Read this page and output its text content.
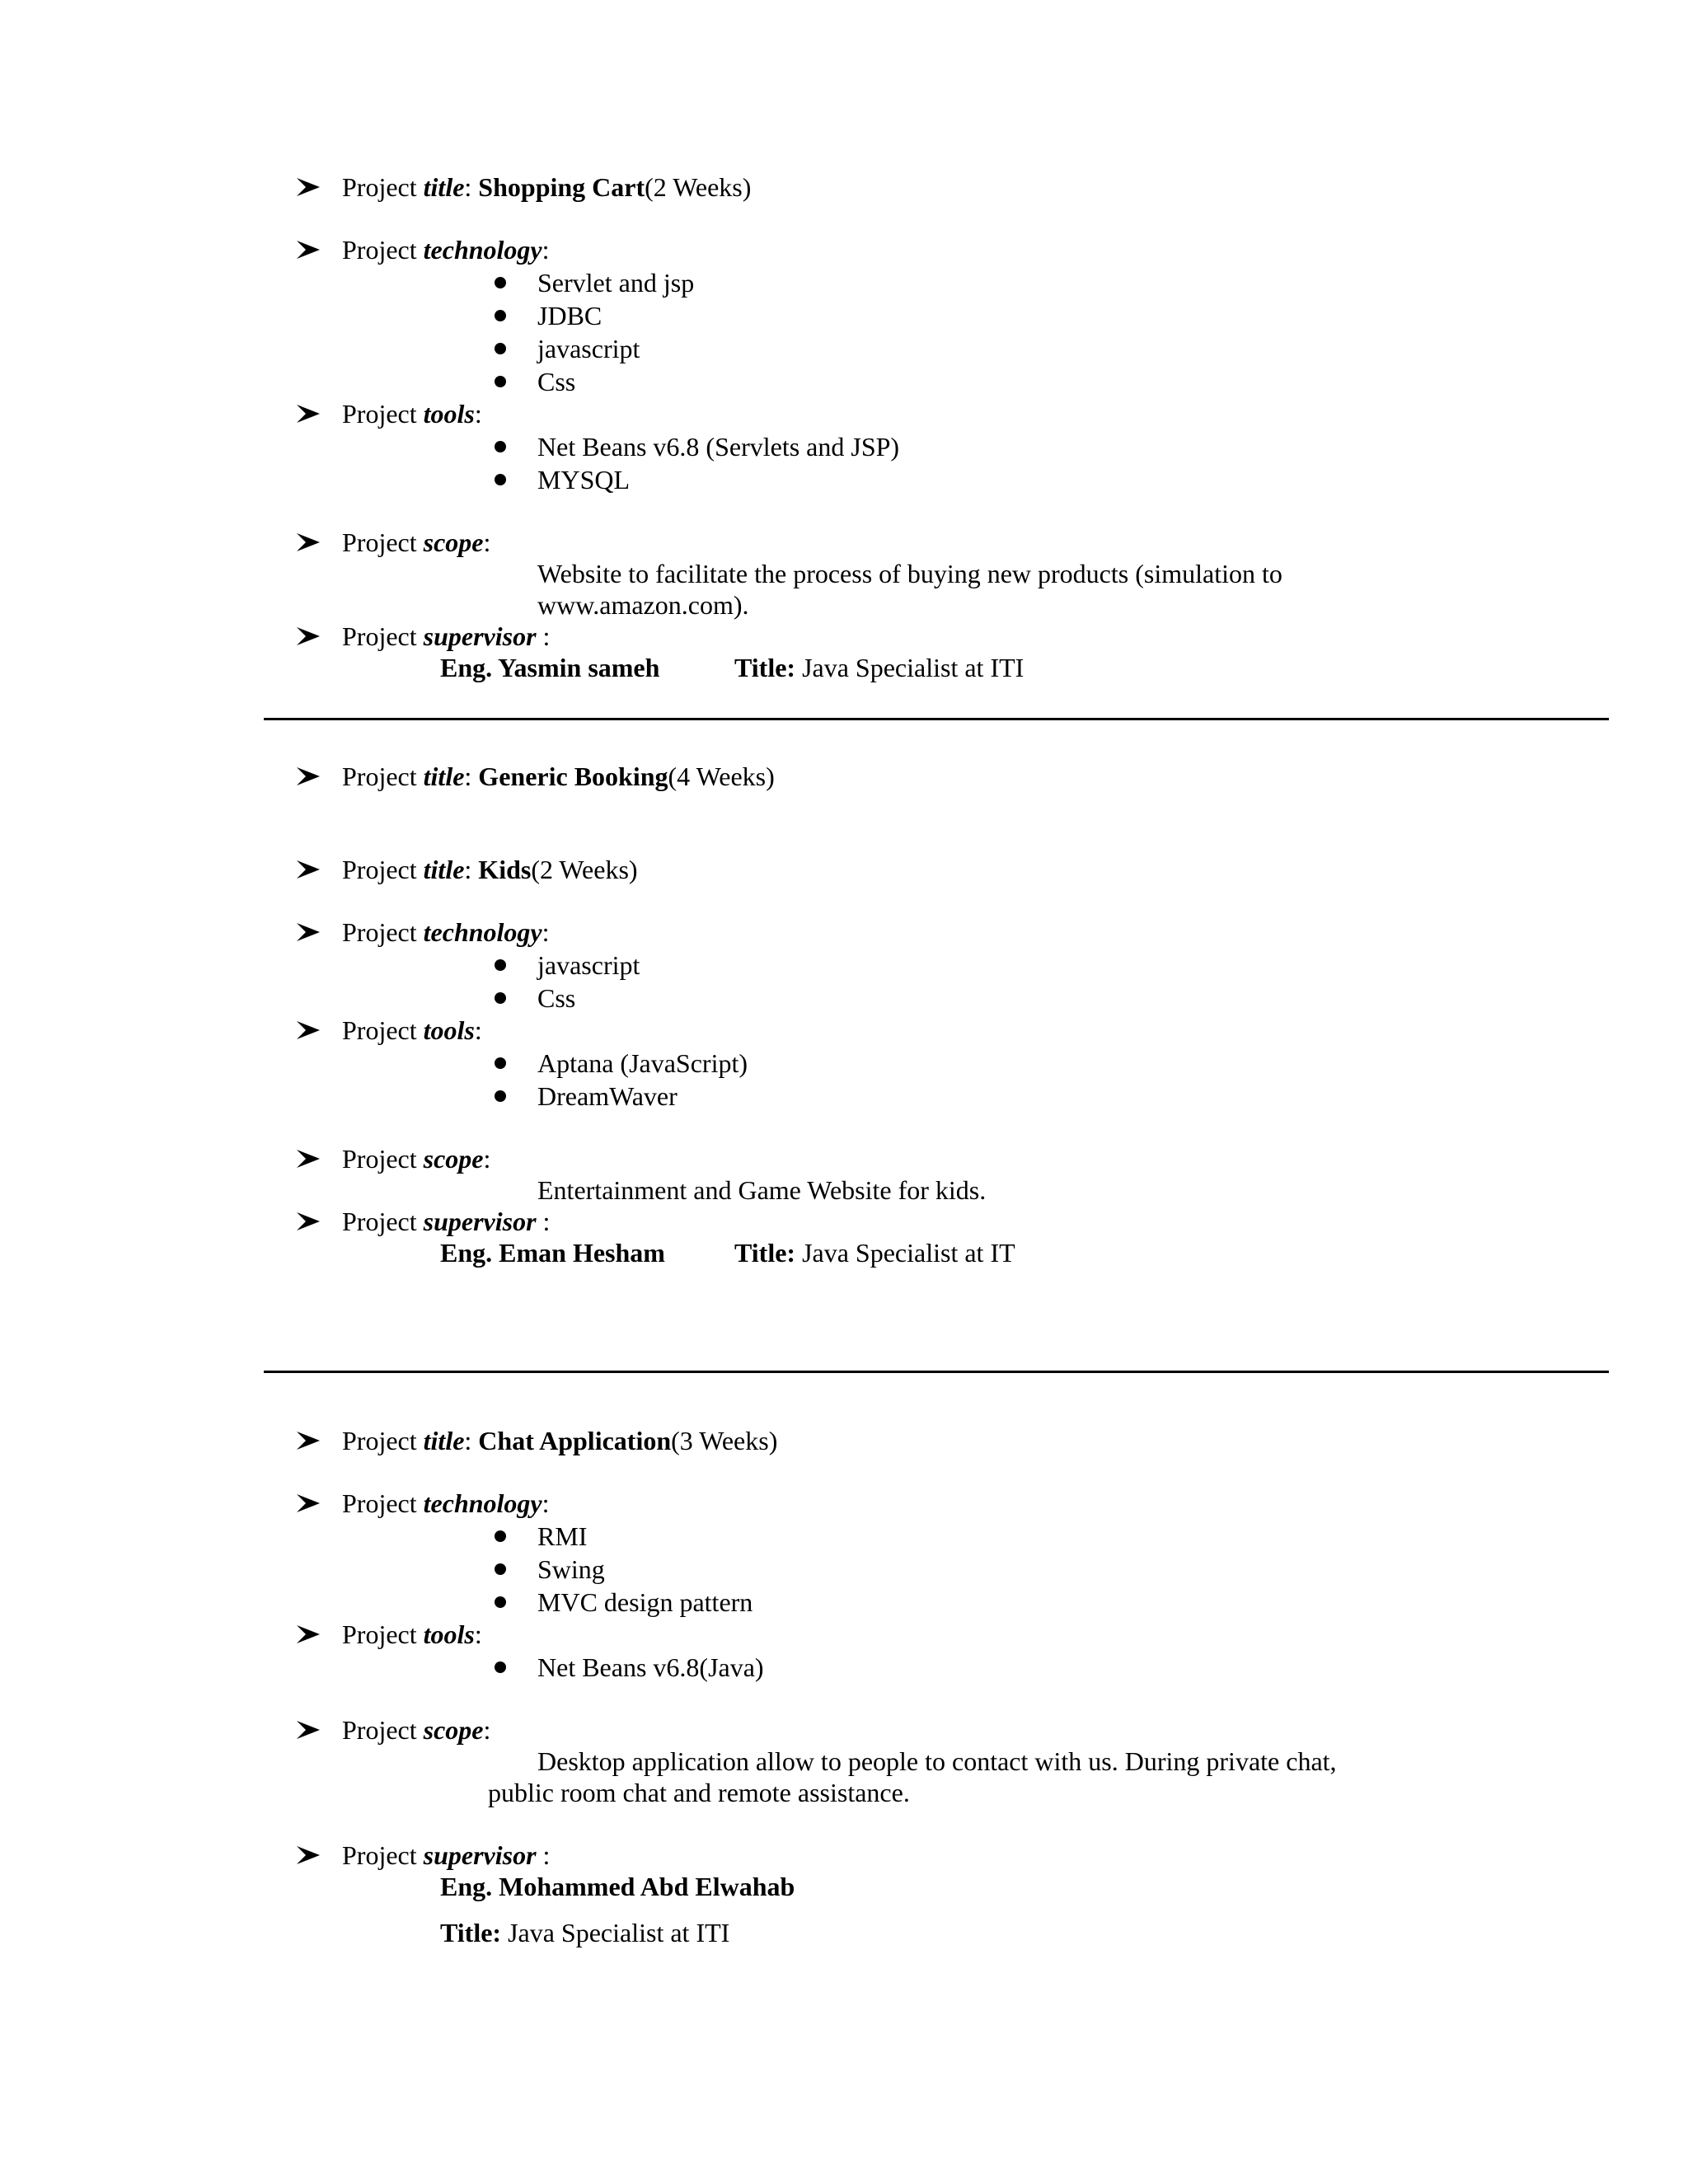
Project title: Shopping Cart(2 Weeks)
Project technology:
Servlet and jsp
JDBC
javascript
Css
Project tools:
Net Beans v6.8 (Servlets and JSP)
MYSQL
Project scope:
Website to facilitate the process of buying new products (simulation to
www.amazon.com).
Project supervisor :
Eng. Yasmin sameh	Title: Java Specialist at ITI
Project title: Generic Booking(4 Weeks)
Project title: Kids(2 Weeks)
Project technology:
javascript
Css
Project tools:
Aptana (JavaScript)
DreamWaver
Project scope:
Entertainment and Game Website for kids.
Project supervisor :
Eng. Eman Hesham	Title: Java Specialist at IT
Project title: Chat Application(3 Weeks)
Project technology:
RMI
Swing
MVC design pattern
Project tools:
Net Beans v6.8(Java)
Project scope:
Desktop application allow to people to contact with us. During private chat,
public room chat and remote assistance.
Project supervisor :
Eng. Mohammed Abd Elwahab
Title: Java Specialist at ITI
